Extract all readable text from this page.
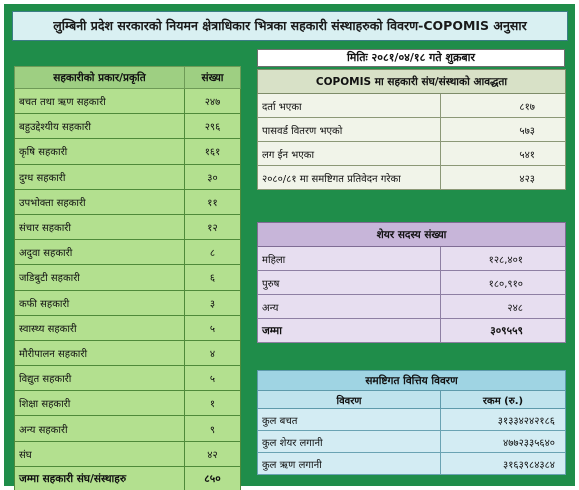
लुम्बिनी प्रदेश सरकारको नियमन क्षेत्राधिकार भित्रका सहकारी संस्थाहरुको विवरण-COPOMIS अनुसार
मितिः २०८१/०४/१८ गते शुक्रबार
सहकारीको प्रकार/प्रकृति	संख्या
बचत तथा ऋण सहकारी	२४७
बहुउद्देश्यीय सहकारी	२९६
कृषि सहकारी	१६१
दुग्ध सहकारी	३०
उपभोक्ता सहकारी	११
संचार सहकारी	१२
अदुवा सहकारी	८
जडिबुटी सहकारी	६
कफी सहकारी	३
स्वास्थ्य सहकारी	५
मौरीपालन सहकारी	४
विद्युत सहकारी	५
शिक्षा सहकारी	१
अन्य सहकारी	९
संघ	४२
जम्मा सहकारी संघ/संस्थाहरु	८५०
COPOMIS मा सहकारी संघ/संस्थाको आवद्धता	
दर्ता भएका	८१७
पासवर्ड वितरण भएको	५७३
लग ईन भएका	५४१
२०८०/८१ मा समष्टिगत प्रतिवेदन गरेका	४२३
शेयर सदस्य संख्या	
महिला	१२८,४०१
पुरुष	१८०,९१०
अन्य	२४८
जम्मा	३०९५५९
समष्टिगत वित्तिय विवरण	
विवरण	रकम (रु.)
कुल बचत	३१३३४२४२१८६
कुल शेयर लगानी	४७७२३३५६४०
कुल ऋण लगानी	३१६३९८४३८४
